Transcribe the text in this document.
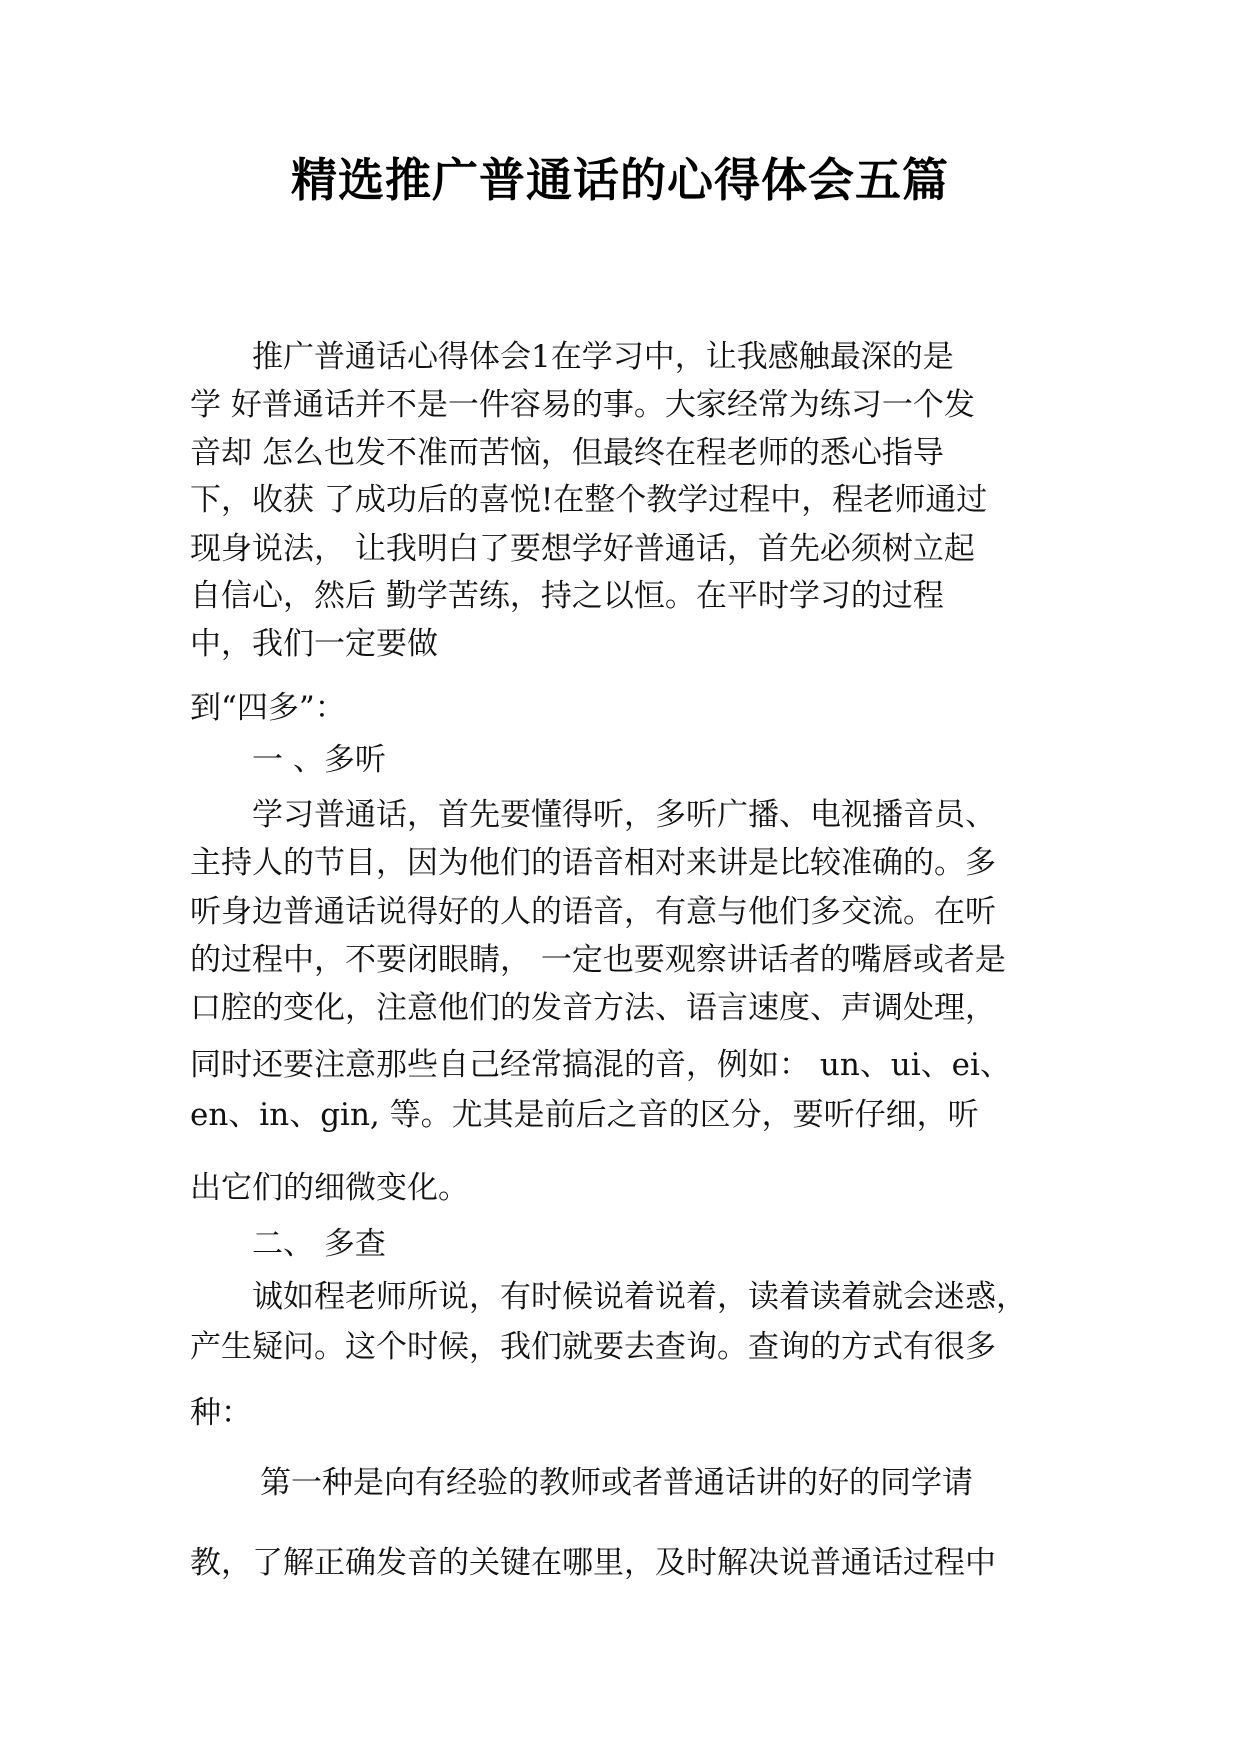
精选推广普通话的心得体会五篇
推广普通话心得体会1在学习中，让我感触最深的是
学 好普通话并不是一件容易的事。大家经常为练习一个发
音却 怎么也发不准而苦恼，但最终在程老师的悉心指导
下，收获 了成功后的喜悦!在整个教学过程中，程老师通过
现身说法， 让我明白了要想学好普通话，首先必须树立起
自信心，然后 勤学苦练，持之以恒。在平时学习的过程
中，我们一定要做
到“四多”：
一 、多听
学习普通话，首先要懂得听，多听广播、电视播音员、
主持人的节目，因为他们的语音相对来讲是比较准确的。多
听身边普通话说得好的人的语音，有意与他们多交流。在听
的过程中，不要闭眼睛， 一定也要观察讲话者的嘴唇或者是
口腔的变化，注意他们的发音方法、语言速度、声调处理，
同时还要注意那些自己经常搞混的音，例如： un、ui、ei、
en、in、gin, 等。尤其是前后之音的区分，要听仔细，听
出它们的细微变化。
二、 多查
诚如程老师所说，有时候说着说着，读着读着就会迷惑，
产生疑问。这个时候，我们就要去查询。查询的方式有很多
种：
第一种是向有经验的教师或者普通话讲的好的同学请
教，了解正确发音的关键在哪里，及时解决说普通话过程中
